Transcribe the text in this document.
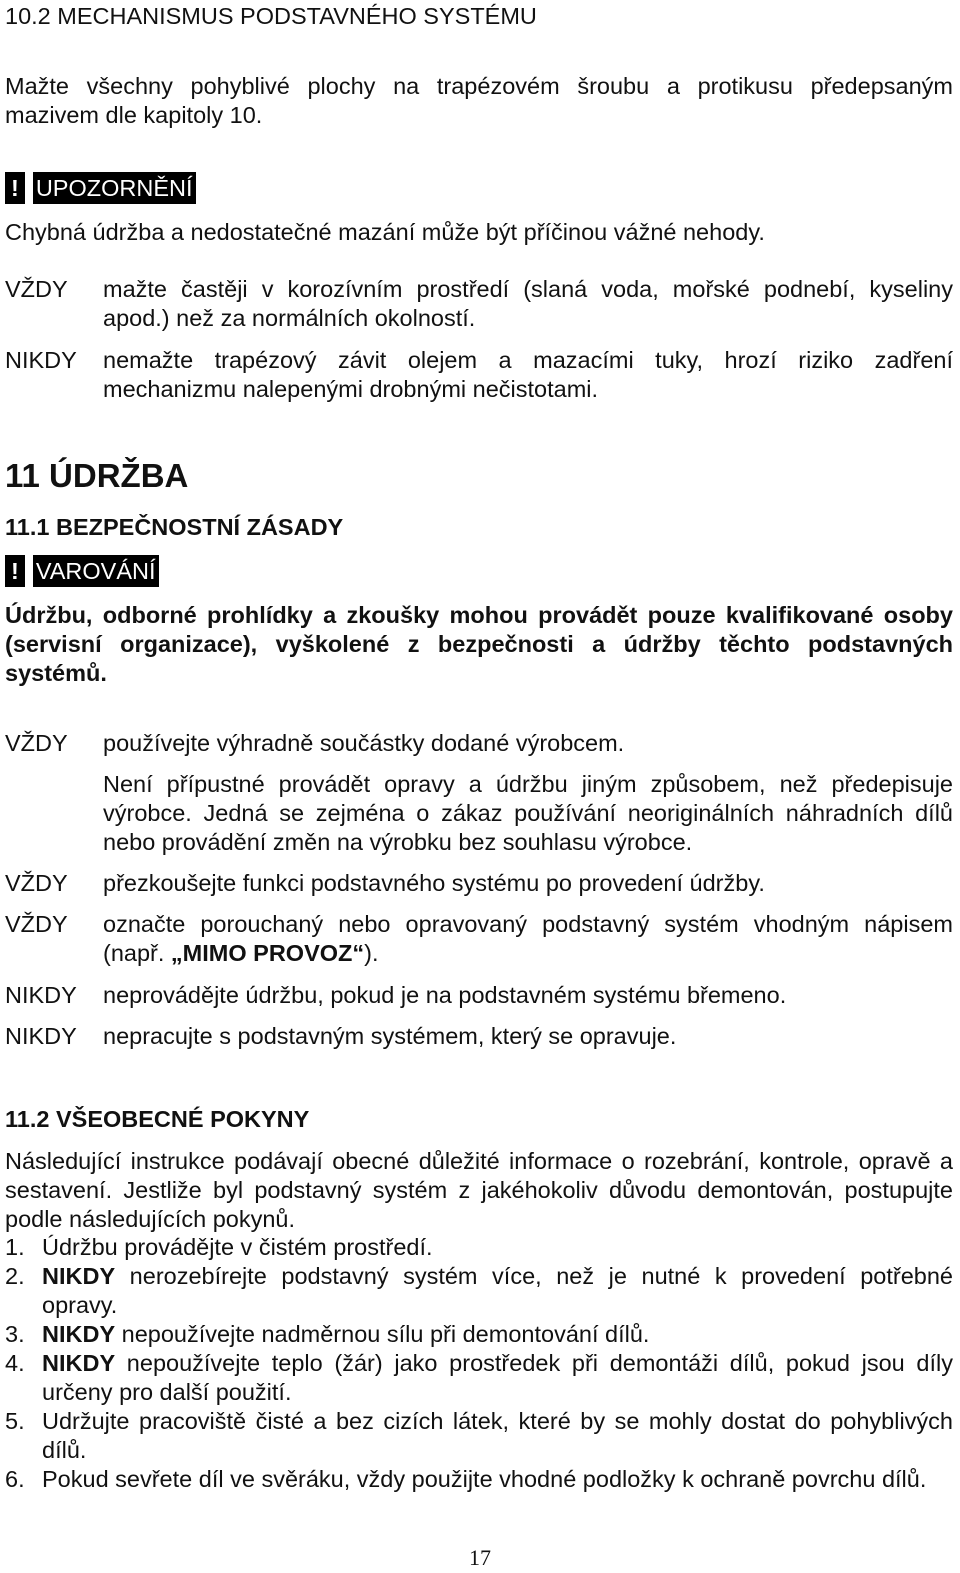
10.2 MECHANISMUS PODSTAVNÉHO SYSTÉMU
Mažte všechny pohyblivé plochy na trapézovém šroubu a protikusu předepsaným mazivem dle kapitoly 10.
! UPOZORNĚNÍ
Chybná údržba a nedostatečné mazání může být příčinou vážné nehody.
VŽDY	mažte častěji v korozívním prostředí (slaná voda, mořské podnebí, kyseliny apod.) než za normálních okolností.
NIKDY	nemažte trapézový závit olejem a mazacími tuky, hrozí riziko zadření mechanizmu nalepenými drobnými nečistotami.
11 ÚDRŽBA
11.1 BEZPEČNOSTNÍ ZÁSADY
! VAROVÁNÍ
Údržbu, odborné prohlídky a zkoušky mohou provádět pouze kvalifikované osoby (servisní organizace), vyškolené z bezpečnosti a údržby těchto podstavných systémů.
VŽDY	používejte výhradně součástky dodané výrobcem.
Není přípustné provádět opravy a údržbu jiným způsobem, než předepisuje výrobce. Jedná se zejména o zákaz používání neoriginálních náhradních dílů nebo provádění změn na výrobku bez souhlasu výrobce.
VŽDY	přezkoušejte funkci podstavného systému po provedení údržby.
VŽDY	označte porouchaný nebo opravovaný podstavný systém vhodným nápisem (např. „MIMO PROVOZ“).
NIKDY	neprovádějte údržbu, pokud je na podstavném systému břemeno.
NIKDY	nepracujte s podstavným systémem, který se opravuje.
11.2 VŠEOBECNÉ POKYNY
Následující instrukce podávají obecné důležité informace o rozebrání, kontrole, opravě a sestavení. Jestliže byl podstavný systém z jakéhokoliv důvodu demontován, postupujte podle následujících pokynů.
1. Údržbu provádějte v čistém prostředí.
2. NIKDY nerozebírejte podstavný systém více, než je nutné k provedení potřebné opravy.
3. NIKDY nepoužívejte nadměrnou sílu při demontování dílů.
4. NIKDY nepoužívejte teplo (žár) jako prostředek při demontáži dílů, pokud jsou díly určeny pro další použití.
5. Udržujte pracoviště čisté a bez cizích látek, které by se mohly dostat do pohyblivých dílů.
6. Pokud sevřete díl ve svěráku, vždy použijte vhodné podložky k ochraně povrchu dílů.
17
